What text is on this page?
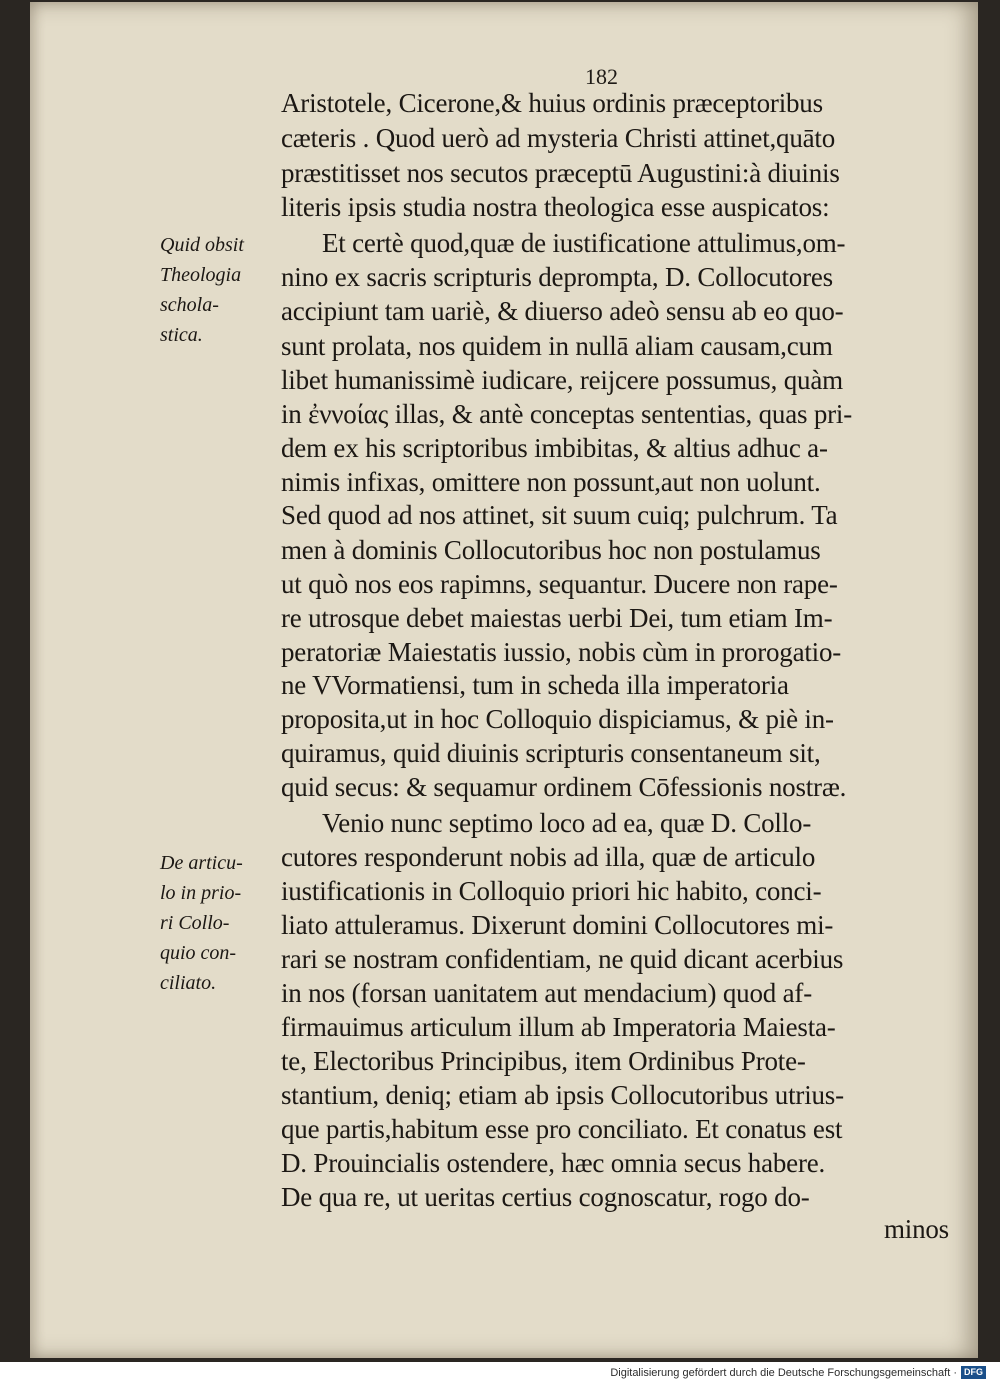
182
Aristotele, Cicerone,& huius ordinis præceptoribus
cæteris . Quod uerò ad mysteria Christi attinet,quāto
præstitisset nos secutos præceptū Augustini:à diuinis
literis ipsis studia nostra theologica esse auspicatos:
Et certè quod,quæ de iustificatione attulimus,om-
nino ex sacris scripturis deprompta, D. Collocutores
accipiunt tam uariè, & diuerso adeò sensu ab eo quo-
sunt prolata, nos quidem in nullā aliam causam,cum
libet humanissimè iudicare, reijcere possumus, quàm
in ἐννοίας illas, & antè conceptas sententias, quas pri-
dem ex his scriptoribus imbibitas, & altius adhuc a-
nimis infixas, omittere non possunt,aut non uolunt.
Sed quod ad nos attinet, sit suum cuiq; pulchrum. Ta
men à dominis Collocutoribus hoc non postulamus
ut quò nos eos rapimns, sequantur. Ducere non rape-
re utrosque debet maiestas uerbi Dei, tum etiam Im-
peratoriæ Maiestatis iussio, nobis cùm in prorogatio-
ne VVormatiensi, tum in scheda illa imperatoria
proposita,ut in hoc Colloquio dispiciamus, & piè in-
quiramus, quid diuinis scripturis consentaneum sit,
quid secus: & sequamur ordinem Cōfessionis nostræ.
Venio nunc septimo loco ad ea, quæ D. Collo-
cutores responderunt nobis ad illa, quæ de articulo
iustificationis in Colloquio priori hic habito, conci-
liato attuleramus. Dixerunt domini Collocutores mi-
rari se nostram confidentiam, ne quid dicant acerbius
in nos (forsan uanitatem aut mendacium) quod af-
firmauimus articulum illum ab Imperatoria Maiesta-
te, Electoribus Principibus, item Ordinibus Prote-
stantium, deniq; etiam ab ipsis Collocutoribus utrius-
que partis,habitum esse pro conciliato. Et conatus est
D. Prouincialis ostendere, hæc omnia secus habere.
De qua re, ut ueritas certius cognoscatur, rogo do-
minos
Quid obsit
Theologia
schola-
stica.
De articu-
lo in prio-
ri Collo-
quio con-
ciliato.
Digitalisierung gefördert durch die Deutsche Forschungsgemeinschaft · DFG
